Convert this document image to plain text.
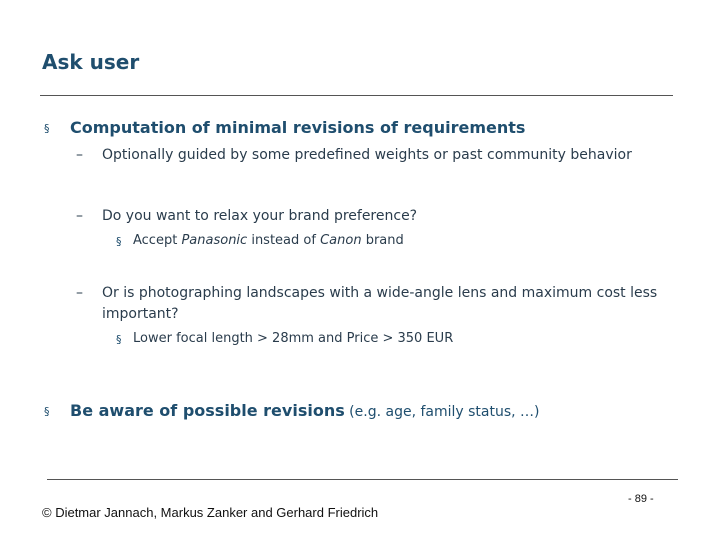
Ask user
§ Computation of minimal revisions of requirements
– Optionally guided by some predefined weights or past community behavior
– Do you want to relax your brand preference?
§ Accept Panasonic instead of Canon brand
– Or is photographing landscapes with a wide-angle lens and maximum cost less
important?
§ Lower focal length > 28mm and Price > 350 EUR
§ Be aware of possible revisions (e.g. age, family status, …)
- 89 -
© Dietmar Jannach, Markus Zanker and Gerhard Friedrich
